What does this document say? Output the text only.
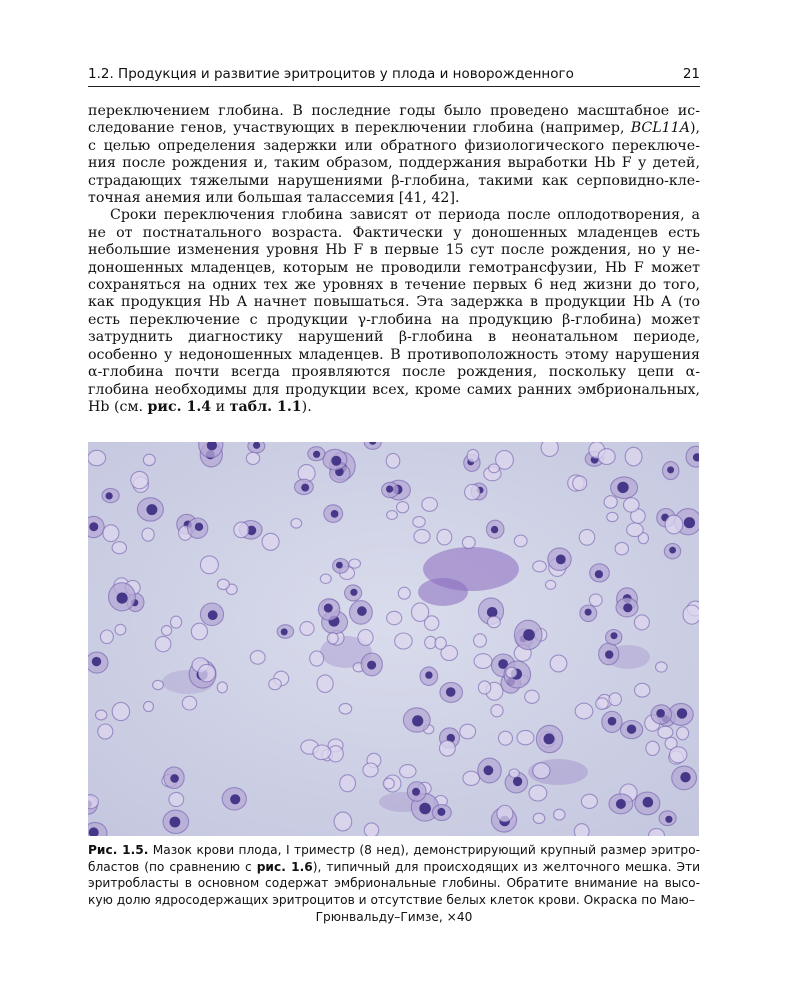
1.2. Продукция и развитие эритроцитов у плода и новорожденного	21

переключением глобина. В последние годы было проведено масштабное исследование генов, участвующих в переключении глобина (например, BCL11A), с целью определения задержки или обратного физиологического переключения после рождения и, таким образом, поддержания выработки Hb F у детей, страдающих тяжелыми нарушениями β-глобина, такими как серповидно-клеточная анемия или большая талассемия [41, 42].

Сроки переключения глобина зависят от периода после оплодотворения, а не от постнатального возраста. Фактически у доношенных младенцев есть небольшие изменения уровня Hb F в первые 15 сут после рождения, но у недоношенных младенцев, которым не проводили гемотрансфузии, Hb F может сохраняться на одних тех же уровнях в течение первых 6 нед жизни до того, как продукция Hb A начнет повышаться. Эта задержка в продукции Hb A (то есть переключение с продукции γ-глобина на продукцию β-глобина) может затруднить диагностику нарушений β-глобина в неонатальном периоде, особенно у недоношенных младенцев. В противоположность этому нарушения α-глобина почти всегда проявляются после рождения, поскольку цепи α-глобина необходимы для продукции всех, кроме самих ранних эмбриональных, Hb (см. рис. 1.4 и табл. 1.1).

Рис. 1.5. Мазок крови плода, I триместр (8 нед), демонстрирующий крупный размер эритробластов (по сравнению с рис. 1.6), типичный для происходящих из желточного мешка. Эти эритробласты в основном содержат эмбриональные глобины. Обратите внимание на высокую долю ядросодержащих эритроцитов и отсутствие белых клеток крови. Окраска по Маю–
Грюнвальду–Гимзе, ×40
